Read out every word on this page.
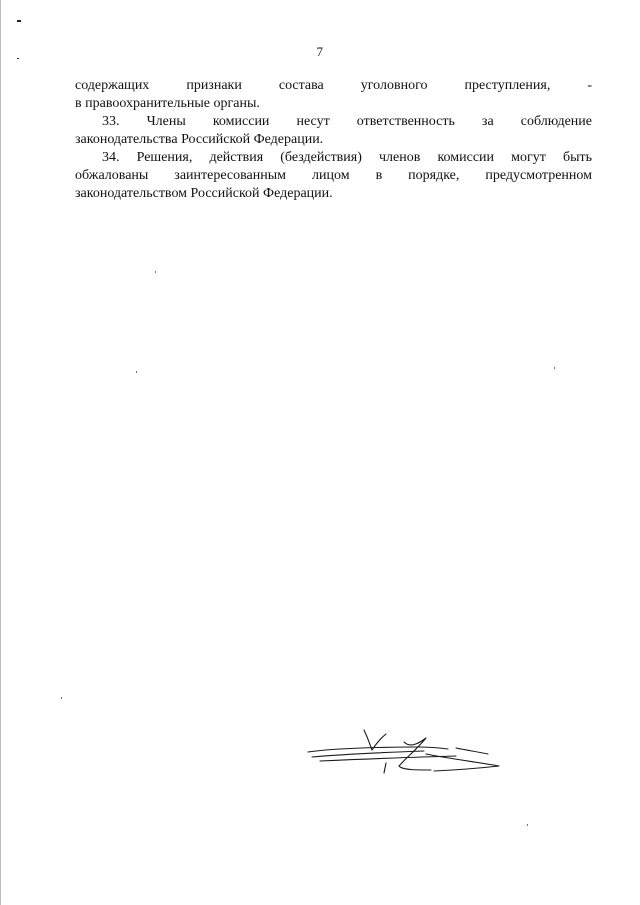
7
содержащих признаки состава уголовного преступления, -
в правоохранительные органы.
33. Члены комиссии несут ответственность за соблюдение
законодательства Российской Федерации.
34. Решения, действия (бездействия) членов комиссии могут быть
обжалованы заинтересованным лицом в порядке, предусмотренном
законодательством Российской Федерации.
